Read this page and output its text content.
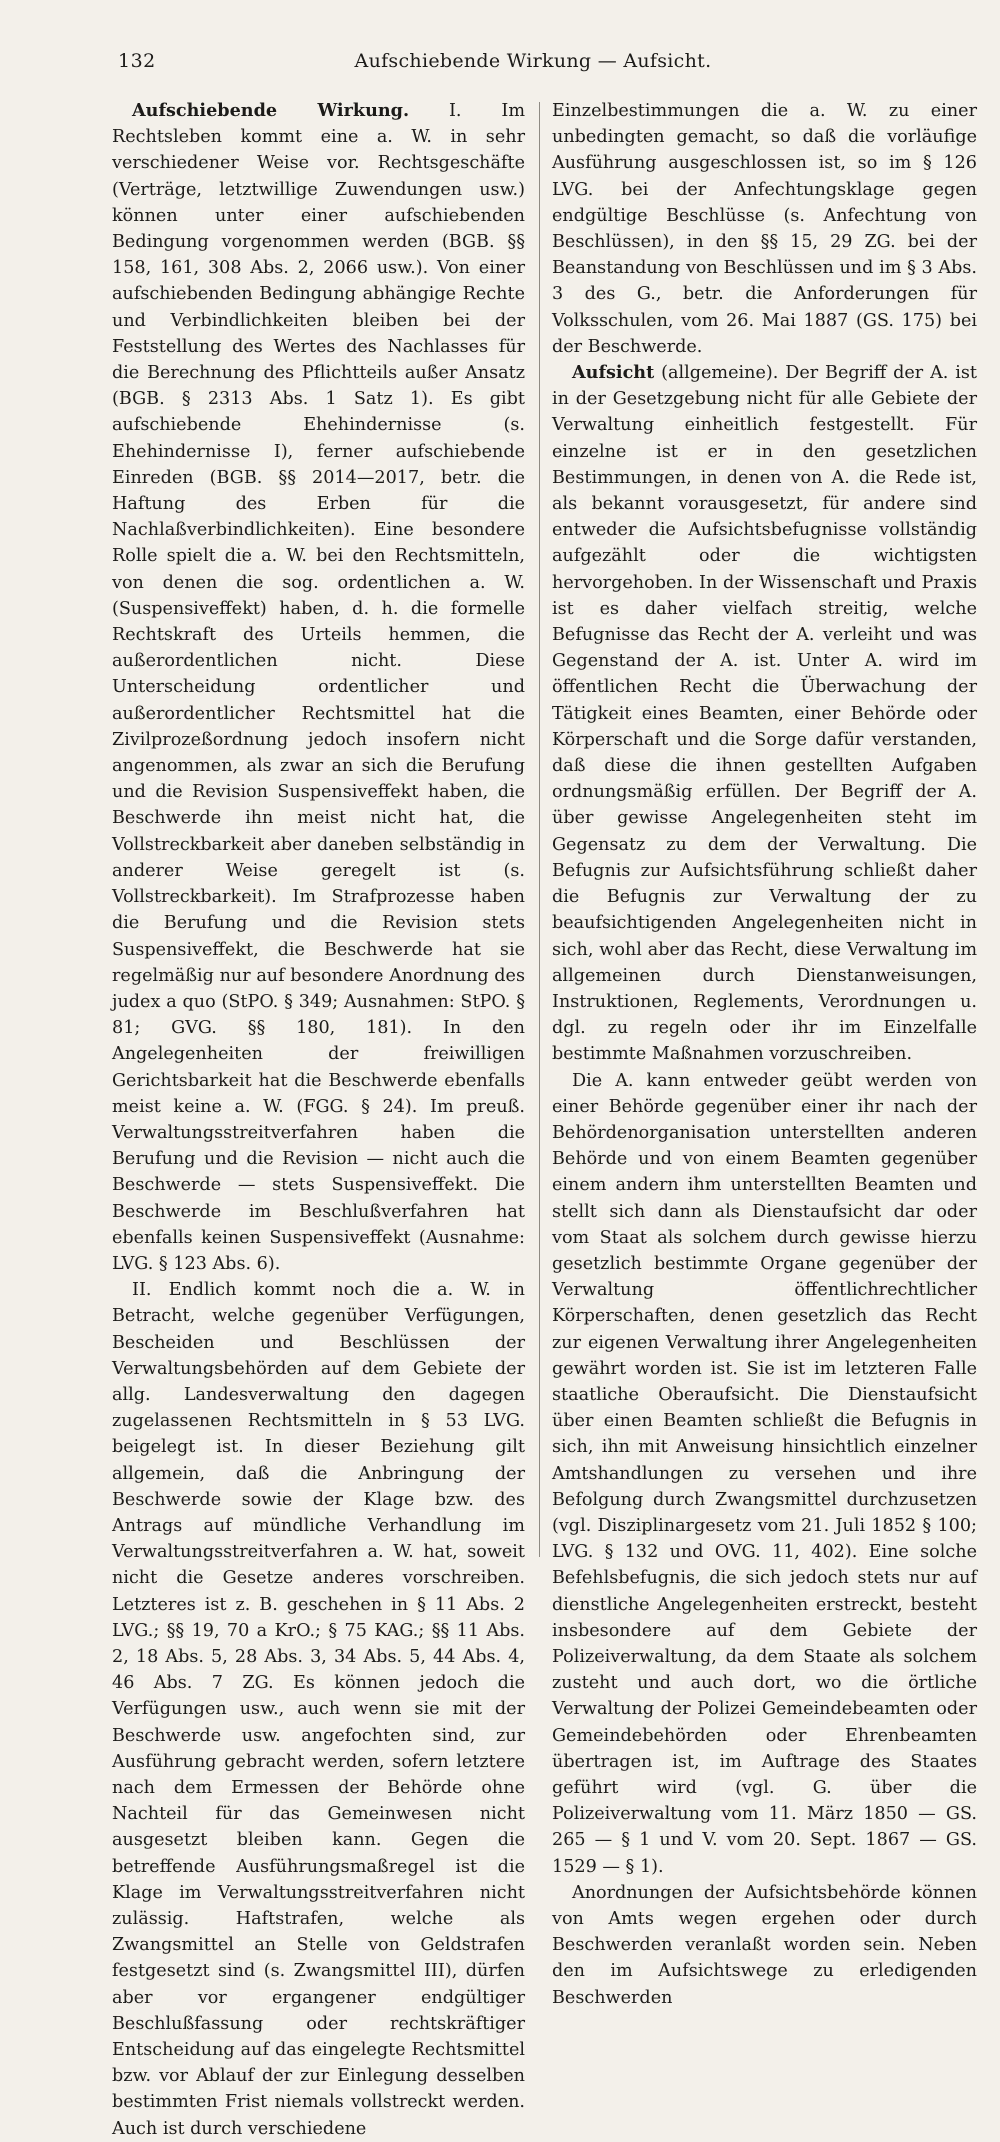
132	Aufschiebende Wirkung — Aufsicht.

Aufschiebende Wirkung. I. Im Rechtsleben kommt eine a. W. in sehr verschiedener Weise vor. Rechtsgeschäfte (Verträge, letztwillige Zuwendungen usw.) können unter einer aufschiebenden Bedingung vorgenommen werden (BGB. §§ 158, 161, 308 Abs. 2, 2066 usw.). Von einer aufschiebenden Bedingung abhängige Rechte und Verbindlichkeiten bleiben bei der Feststellung des Wertes des Nachlasses für die Berechnung des Pflichtteils außer Ansatz (BGB. § 2313 Abs. 1 Satz 1). Es gibt aufschiebende Ehehindernisse (s. Ehehindernisse I), ferner aufschiebende Einreden (BGB. §§ 2014—2017, betr. die Haftung des Erben für die Nachlaßverbindlichkeiten). Eine besondere Rolle spielt die a. W. bei den Rechtsmitteln, von denen die sog. ordentlichen a. W. (Suspensiveffekt) haben, d. h. die formelle Rechtskraft des Urteils hemmen, die außerordentlichen nicht. Diese Unterscheidung ordentlicher und außerordentlicher Rechtsmittel hat die Zivilprozeßordnung jedoch insofern nicht angenommen, als zwar an sich die Berufung und die Revision Suspensiveffekt haben, die Beschwerde ihn meist nicht hat, die Vollstreckbarkeit aber daneben selbständig in anderer Weise geregelt ist (s. Vollstreckbarkeit). Im Strafprozesse haben die Berufung und die Revision stets Suspensiveffekt, die Beschwerde hat sie regelmäßig nur auf besondere Anordnung des judex a quo (StPO. § 349; Ausnahmen: StPO. § 81; GVG. §§ 180, 181). In den Angelegenheiten der freiwilligen Gerichtsbarkeit hat die Beschwerde ebenfalls meist keine a. W. (FGG. § 24). Im preuß. Verwaltungsstreitverfahren haben die Berufung und die Revision — nicht auch die Beschwerde — stets Suspensiveffekt. Die Beschwerde im Beschlußverfahren hat ebenfalls keinen Suspensiveffekt (Ausnahme: LVG. § 123 Abs. 6).

II. Endlich kommt noch die a. W. in Betracht, welche gegenüber Verfügungen, Bescheiden und Beschlüssen der Verwaltungsbehörden auf dem Gebiete der allg. Landesverwaltung den dagegen zugelassenen Rechtsmitteln in § 53 LVG. beigelegt ist. In dieser Beziehung gilt allgemein, daß die Anbringung der Beschwerde sowie der Klage bzw. des Antrags auf mündliche Verhandlung im Verwaltungsstreitverfahren a. W. hat, soweit nicht die Gesetze anderes vorschreiben. Letzteres ist z. B. geschehen in § 11 Abs. 2 LVG.; §§ 19, 70 a KrO.; § 75 KAG.; §§ 11 Abs. 2, 18 Abs. 5, 28 Abs. 3, 34 Abs. 5, 44 Abs. 4, 46 Abs. 7 ZG. Es können jedoch die Verfügungen usw., auch wenn sie mit der Beschwerde usw. angefochten sind, zur Ausführung gebracht werden, sofern letztere nach dem Ermessen der Behörde ohne Nachteil für das Gemeinwesen nicht ausgesetzt bleiben kann. Gegen die betreffende Ausführungsmaßregel ist die Klage im Verwaltungsstreitverfahren nicht zulässig. Haftstrafen, welche als Zwangsmittel an Stelle von Geldstrafen festgesetzt sind (s. Zwangsmittel III), dürfen aber vor ergangener endgültiger Beschlußfassung oder rechtskräftiger Entscheidung auf das eingelegte Rechtsmittel bzw. vor Ablauf der zur Einlegung desselben bestimmten Frist niemals vollstreckt werden. Auch ist durch verschiedene

Einzelbestimmungen die a. W. zu einer unbedingten gemacht, so daß die vorläufige Ausführung ausgeschlossen ist, so im § 126 LVG. bei der Anfechtungsklage gegen endgültige Beschlüsse (s. Anfechtung von Beschlüssen), in den §§ 15, 29 ZG. bei der Beanstandung von Beschlüssen und im § 3 Abs. 3 des G., betr. die Anforderungen für Volksschulen, vom 26. Mai 1887 (GS. 175) bei der Beschwerde.

Aufsicht (allgemeine). Der Begriff der A. ist in der Gesetzgebung nicht für alle Gebiete der Verwaltung einheitlich festgestellt. Für einzelne ist er in den gesetzlichen Bestimmungen, in denen von A. die Rede ist, als bekannt vorausgesetzt, für andere sind entweder die Aufsichtsbefugnisse vollständig aufgezählt oder die wichtigsten hervorgehoben. In der Wissenschaft und Praxis ist es daher vielfach streitig, welche Befugnisse das Recht der A. verleiht und was Gegenstand der A. ist. Unter A. wird im öffentlichen Recht die Überwachung der Tätigkeit eines Beamten, einer Behörde oder Körperschaft und die Sorge dafür verstanden, daß diese die ihnen gestellten Aufgaben ordnungsmäßig erfüllen. Der Begriff der A. über gewisse Angelegenheiten steht im Gegensatz zu dem der Verwaltung. Die Befugnis zur Aufsichtsführung schließt daher die Befugnis zur Verwaltung der zu beaufsichtigenden Angelegenheiten nicht in sich, wohl aber das Recht, diese Verwaltung im allgemeinen durch Dienstanweisungen, Instruktionen, Reglements, Verordnungen u. dgl. zu regeln oder ihr im Einzelfalle bestimmte Maßnahmen vorzuschreiben.

Die A. kann entweder geübt werden von einer Behörde gegenüber einer ihr nach der Behördenorganisation unterstellten anderen Behörde und von einem Beamten gegenüber einem andern ihm unterstellten Beamten und stellt sich dann als Dienstaufsicht dar oder vom Staat als solchem durch gewisse hierzu gesetzlich bestimmte Organe gegenüber der Verwaltung öffentlichrechtlicher Körperschaften, denen gesetzlich das Recht zur eigenen Verwaltung ihrer Angelegenheiten gewährt worden ist. Sie ist im letzteren Falle staatliche Oberaufsicht. Die Dienstaufsicht über einen Beamten schließt die Befugnis in sich, ihn mit Anweisung hinsichtlich einzelner Amtshandlungen zu versehen und ihre Befolgung durch Zwangsmittel durchzusetzen (vgl. Disziplinargesetz vom 21. Juli 1852 § 100; LVG. § 132 und OVG. 11, 402). Eine solche Befehlsbefugnis, die sich jedoch stets nur auf dienstliche Angelegenheiten erstreckt, besteht insbesondere auf dem Gebiete der Polizeiverwaltung, da dem Staate als solchem zusteht und auch dort, wo die örtliche Verwaltung der Polizei Gemeindebeamten oder Gemeindebehörden oder Ehrenbeamten übertragen ist, im Auftrage des Staates geführt wird (vgl. G. über die Polizeiverwaltung vom 11. März 1850 — GS. 265 — § 1 und V. vom 20. Sept. 1867 — GS. 1529 — § 1).

Anordnungen der Aufsichtsbehörde können von Amts wegen ergehen oder durch Beschwerden veranlaßt worden sein. Neben den im Aufsichtswege zu erledigenden Beschwerden
